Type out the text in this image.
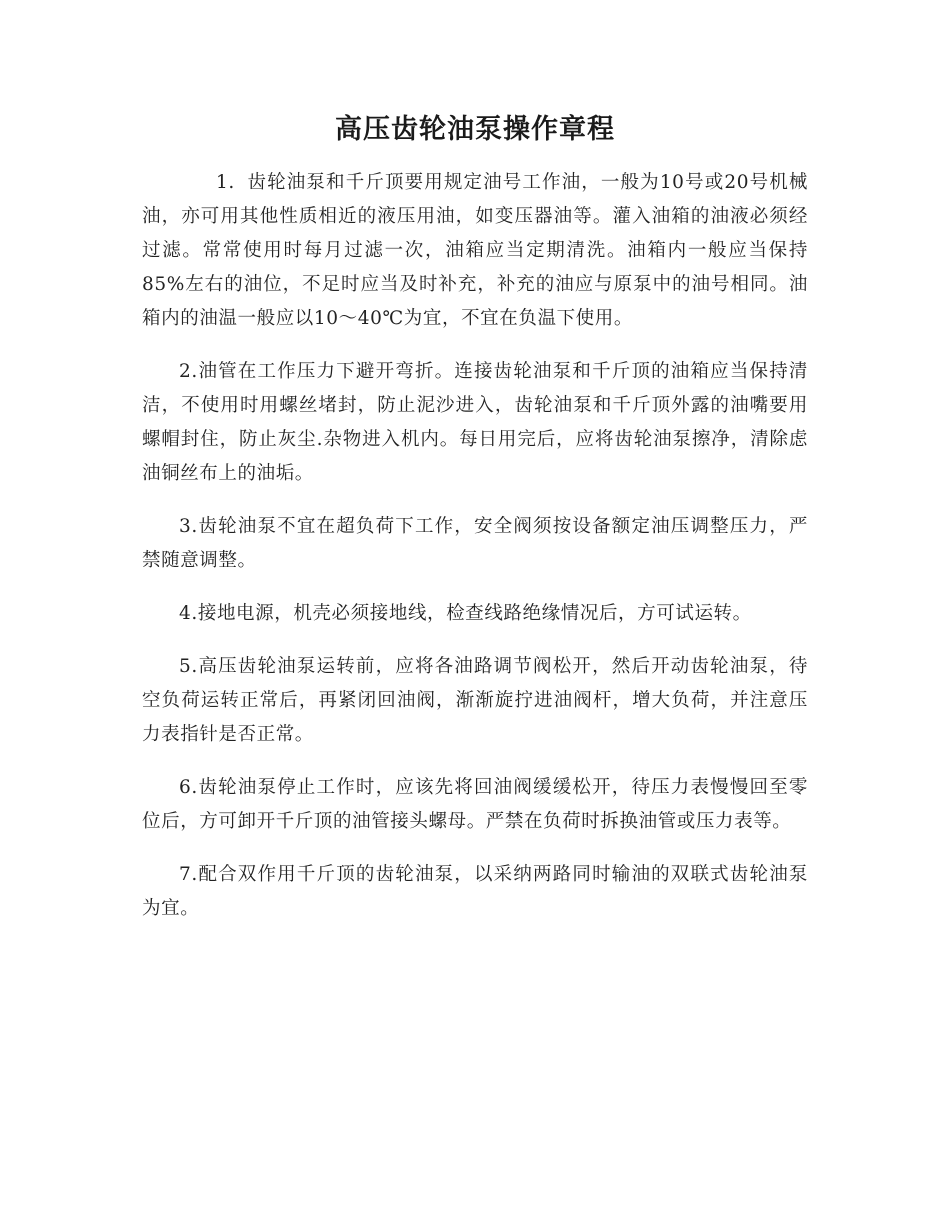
高压齿轮油泵操作章程

1. 齿轮油泵和千斤顶要用规定油号工作油，一般为10号或20号机械油，亦可用其他性质相近的液压用油，如变压器油等。灌入油箱的油液必须经过滤。常常使用时每月过滤一次，油箱应当定期清洗。油箱内一般应当保持85%左右的油位，不足时应当及时补充，补充的油应与原泵中的油号相同。油箱内的油温一般应以10～40℃为宜，不宜在负温下使用。

2.油管在工作压力下避开弯折。连接齿轮油泵和千斤顶的油箱应当保持清洁，不使用时用螺丝堵封，防止泥沙进入，齿轮油泵和千斤顶外露的油嘴要用螺帽封住，防止灰尘.杂物进入机内。每日用完后，应将齿轮油泵擦净，清除虑油铜丝布上的油垢。

3.齿轮油泵不宜在超负荷下工作，安全阀须按设备额定油压调整压力，严禁随意调整。

4.接地电源，机壳必须接地线，检查线路绝缘情况后，方可试运转。

5.高压齿轮油泵运转前，应将各油路调节阀松开，然后开动齿轮油泵，待空负荷运转正常后，再紧闭回油阀，渐渐旋拧进油阀杆，增大负荷，并注意压力表指针是否正常。

6.齿轮油泵停止工作时，应该先将回油阀缓缓松开，待压力表慢慢回至零位后，方可卸开千斤顶的油管接头螺母。严禁在负荷时拆换油管或压力表等。

7.配合双作用千斤顶的齿轮油泵，以采纳两路同时输油的双联式齿轮油泵为宜。
